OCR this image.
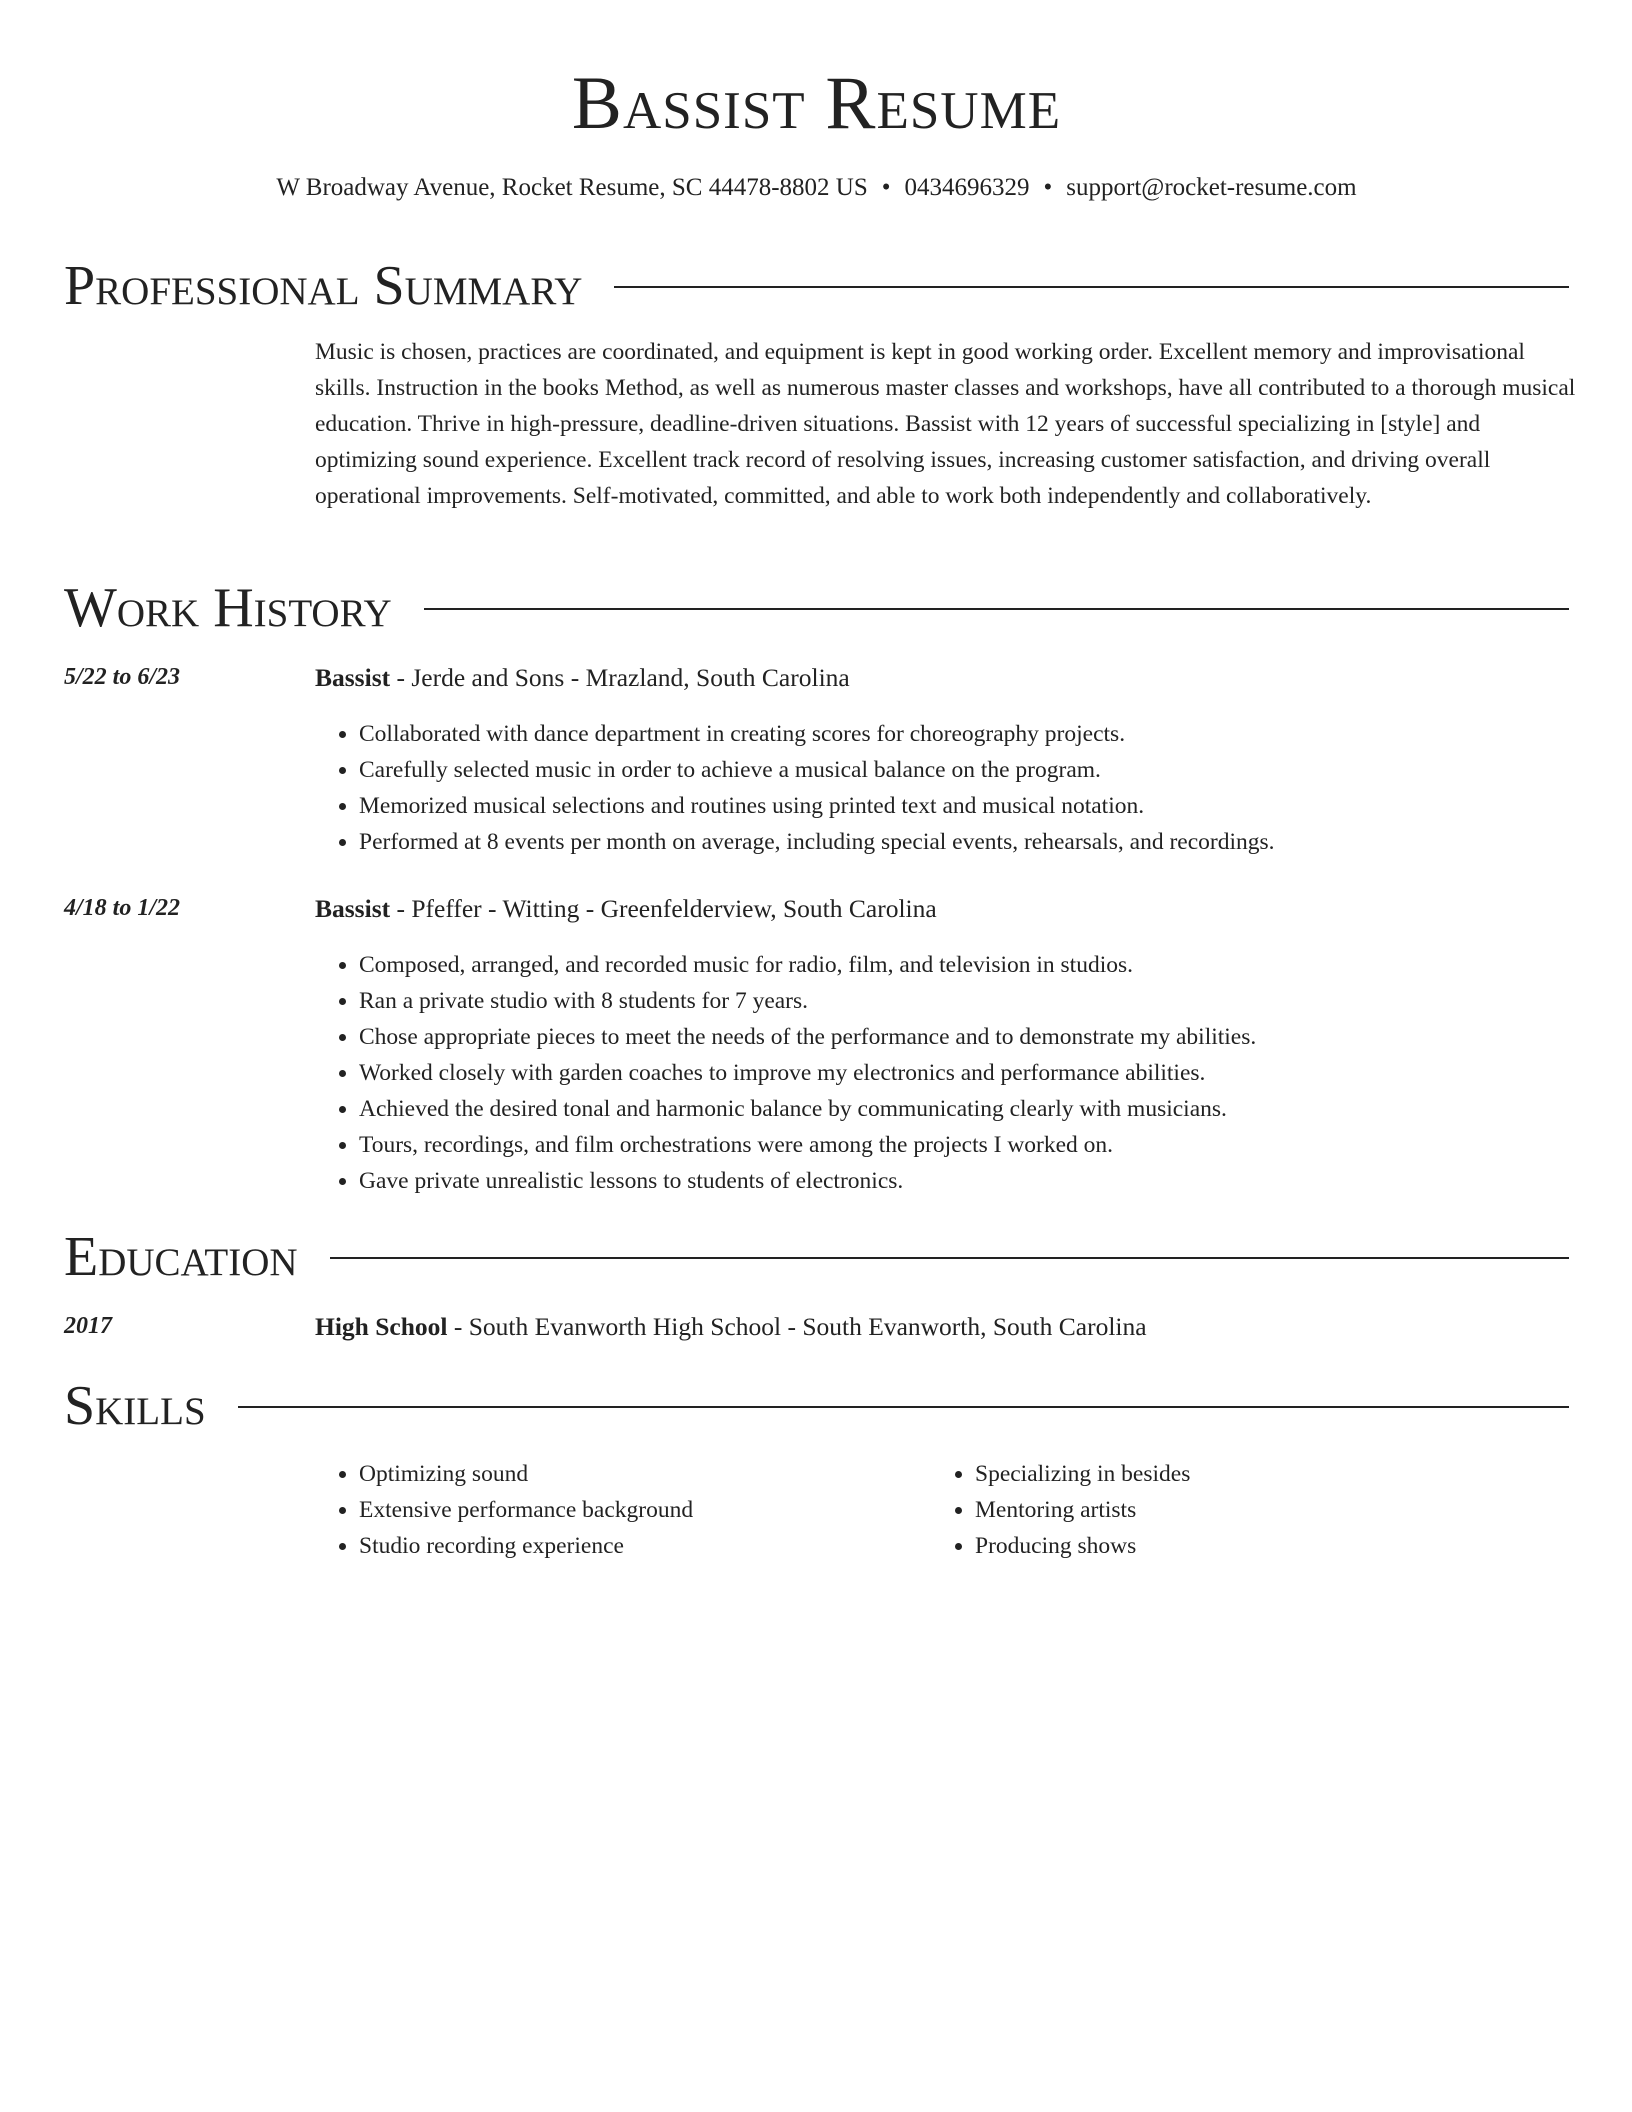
Bassist Resume
W Broadway Avenue, Rocket Resume, SC 44478-8802 US • 0434696329 • support@rocket-resume.com
Professional Summary
Music is chosen, practices are coordinated, and equipment is kept in good working order. Excellent memory and improvisational skills. Instruction in the books Method, as well as numerous master classes and workshops, have all contributed to a thorough musical education. Thrive in high-pressure, deadline-driven situations. Bassist with 12 years of successful specializing in [style] and optimizing sound experience. Excellent track record of resolving issues, increasing customer satisfaction, and driving overall operational improvements. Self-motivated, committed, and able to work both independently and collaboratively.
Work History
5/22 to 6/23	Bassist - Jerde and Sons - Mrazland, South Carolina
• Collaborated with dance department in creating scores for choreography projects.
• Carefully selected music in order to achieve a musical balance on the program.
• Memorized musical selections and routines using printed text and musical notation.
• Performed at 8 events per month on average, including special events, rehearsals, and recordings.
4/18 to 1/22	Bassist - Pfeffer - Witting - Greenfelderview, South Carolina
• Composed, arranged, and recorded music for radio, film, and television in studios.
• Ran a private studio with 8 students for 7 years.
• Chose appropriate pieces to meet the needs of the performance and to demonstrate my abilities.
• Worked closely with garden coaches to improve my electronics and performance abilities.
• Achieved the desired tonal and harmonic balance by communicating clearly with musicians.
• Tours, recordings, and film orchestrations were among the projects I worked on.
• Gave private unrealistic lessons to students of electronics.
Education
2017	High School - South Evanworth High School - South Evanworth, South Carolina
Skills
• Optimizing sound
• Extensive performance background
• Studio recording experience
• Specializing in besides
• Mentoring artists
• Producing shows
